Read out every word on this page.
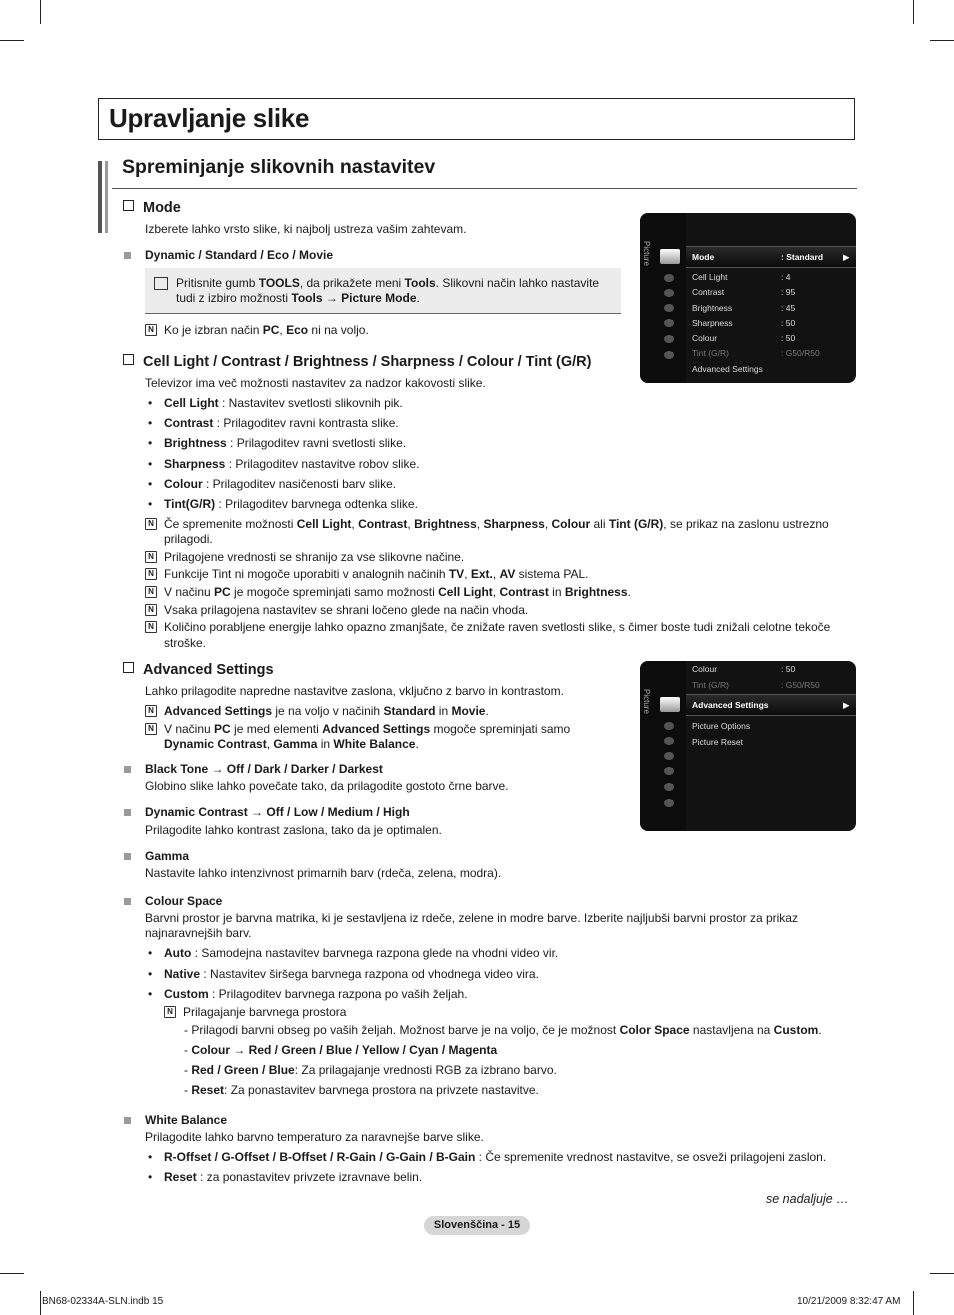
Upravljanje slike
Spreminjanje slikovnih nastavitev
Mode
Izberete lahko vrsto slike, ki najbolj ustreza vašim zahtevam.
Dynamic / Standard / Eco / Movie
Pritisnite gumb TOOLS, da prikažete meni Tools. Slikovni način lahko nastavite
tudi z izbiro možnosti Tools → Picture Mode.
N Ko je izbran način PC, Eco ni na voljo.
Cell Light / Contrast / Brightness / Sharpness / Colour / Tint (G/R)
Televizor ima več možnosti nastavitev za nadzor kakovosti slike.
N Če spremenite možnosti Cell Light, Contrast, Brightness, Sharpness, Colour ali Tint (G/R), se prikaz na zaslonu ustrezno
prilagodi.
N Prilagojene vrednosti se shranijo za vse slikovne načine.
N Funkcije Tint ni mogoče uporabiti v analognih načinih TV, Ext., AV sistema PAL.
N V načinu PC je mogoče spreminjati samo možnosti Cell Light, Contrast in Brightness.
N Vsaka prilagojena nastavitev se shrani ločeno glede na način vhoda.
N Količino porabljene energije lahko opazno zmanjšate, če znižate raven svetlosti slike, s čimer boste tudi znižali celotne tekoče
stroške.
Advanced Settings
Lahko prilagodite napredne nastavitve zaslona, vključno z barvo in kontrastom.
N Advanced Settings je na voljo v načinih Standard in Movie.
N V načinu PC je med elementi Advanced Settings mogoče spreminjati samo
Dynamic Contrast, Gamma in White Balance.
Black Tone → Off / Dark / Darker / Darkest
Globino slike lahko povečate tako, da prilagodite gostoto črne barve.
Dynamic Contrast → Off / Low / Medium / High
Prilagodite lahko kontrast zaslona, tako da je optimalen.
Gamma
Nastavite lahko intenzivnost primarnih barv (rdeča, zelena, modra).
Colour Space
Barvni prostor je barvna matrika, ki je sestavljena iz rdeče, zelene in modre barve. Izberite najljubši barvni prostor za prikaz
najnaravnejših barv.
N Prilagajanje barvnega prostora
- Prilagodi barvni obseg po vaših željah. Možnost barve je na voljo, če je možnost Color Space nastavljena na Custom.
- Colour → Red / Green / Blue / Yellow / Cyan / Magenta
- Red / Green / Blue: Za prilagajanje vrednosti RGB za izbrano barvo.
- Reset: Za ponastavitev barvnega prostora na privzete nastavitve.
White Balance
Prilagodite lahko barvno temperaturo za naravnejše barve slike.
• R-Offset / G-Offset / B-Offset / R-Gain / G-Gain / B-Gain : Če spremenite vrednost nastavitve, se osveži prilagojeni zaslon.
• Reset : za ponastavitev privzete izravnave belin.
se nadaljuje …
Slovenščina - 15
BN68-02334A-SLN.indb 15	10/21/2009 8:32:47 AM
Picture	Mode	: Standard ▶
Cell Light	: 4
Contrast	: 95
Brightness	: 45
Sharpness	: 50
Colour	: 50
Tint (G/R)	: G50/R50
Advanced Settings
Picture
Colour	: 50
Tint (G/R)	: G50/R50
Advanced Settings	▶
Picture Options
Picture Reset
• Cell Light : Nastavitev svetlosti slikovnih pik.
• Contrast : Prilagoditev ravni kontrasta slike.
• Brightness : Prilagoditev ravni svetlosti slike.
• Sharpness : Prilagoditev nastavitve robov slike.
• Colour : Prilagoditev nasičenosti barv slike.
• Tint(G/R) : Prilagoditev barvnega odtenka slike.
• Auto : Samodejna nastavitev barvnega razpona glede na vhodni video vir.
• Native : Nastavitev širšega barvnega razpona od vhodnega video vira.
• Custom : Prilagoditev barvnega razpona po vaših željah.
